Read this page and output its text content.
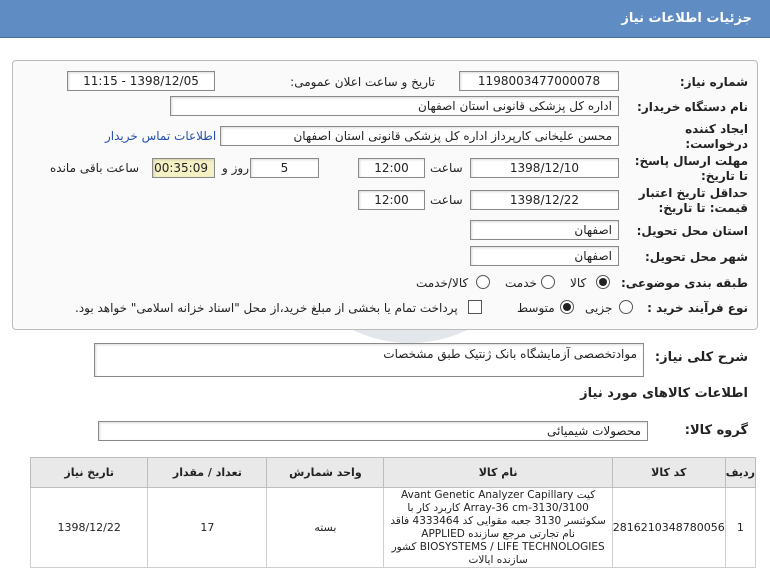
جزئیات اطلاعات نیاز
شماره نیاز:
1198003477000078
تاریخ و ساعت اعلان عمومی:
1398/12/05 - 11:15
نام دستگاه خریدار:
اداره کل پزشکی قانونی استان اصفهان
ایجاد کننده
درخواست:
محسن علیخانی کارپرداز اداره کل پزشکی قانونی استان اصفهان
اطلاعات تماس خریدار
مهلت ارسال پاسخ:
تا تاریخ:
1398/12/10
ساعت
12:00
5
روز و
00:35:09
ساعت باقی مانده
حداقل تاریخ اعتبار
قیمت: تا تاریخ:
1398/12/22
ساعت
12:00
استان محل تحویل:
اصفهان
شهر محل تحویل:
اصفهان
طبقه بندی موضوعی:
کالا
خدمت
کالا/خدمت
نوع فرآیند خرید :
جزیی
متوسط
پرداخت تمام یا بخشی از مبلغ خرید،از محل "اسناد خزانه اسلامی" خواهد بود.
شرح کلی نیاز:
موادتخصصی آزمایشگاه بانک ژنتیک طبق مشخصات
اطلاعات کالاهای مورد نیاز
گروه کالا:
محصولات شیمیائی
ردیف	کد کالا	نام کالا	واحد شمارش	تعداد / مقدار	تاریخ نیاز
1	2816210348780056	کیت Avant Genetic Analyzer Capillary Array-36 cm-3130/3100 کاربرد کار با سکوئنسر 3130 جعبه مقوایی کد 4333464 فاقد نام تجارتی مرجع سازنده APPLIED BIOSYSTEMS / LIFE TECHNOLOGIES کشور سازنده ایالات	بسته	17	1398/12/22
